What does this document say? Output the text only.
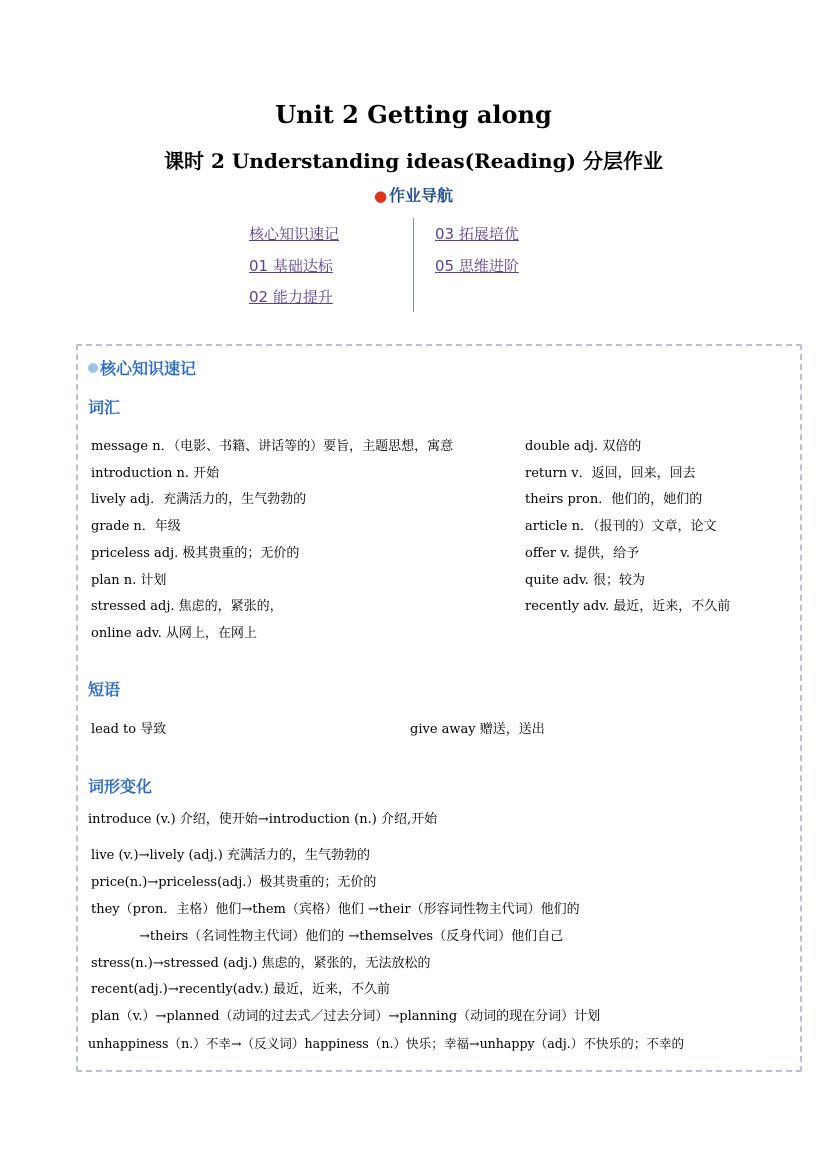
Unit 2 Getting along
课时 2 Understanding ideas(Reading) 分层作业
● 作业导航
核心知识速记
01 基础达标
02 能力提升
03 拓展培优
05 思维进阶
核心知识速记
词汇
message n．（电影、书籍、讲话等的）要旨，主题思想，寓意
introduction n. 开始
lively adj．充满活力的，生气勃勃的
grade n．年级
priceless adj. 极其贵重的；无价的
plan n. 计划
stressed adj. 焦虑的，紧张的，
online adv. 从网上，在网上
double adj. 双倍的
return v．返回，回来，回去
theirs pron．他们的，她们的
article n．（报刊的）文章，论文
offer v. 提供，给予
quite adv. 很；较为
recently adv. 最近，近来，不久前
短语
lead to 导致	give away 赠送，送出
词形变化
introduce (v.) 介绍，使开始→introduction (n.) 介绍,开始
live (v.)→lively (adj.) 充满活力的，生气勃勃的
price(n.)→priceless(adj.）极其贵重的；无价的
they（pron．主格）他们→them（宾格）他们 →their（形容词性物主代词）他们的
→theirs（名词性物主代词）他们的 →themselves（反身代词）他们自己
stress(n.)→stressed (adj.) 焦虑的，紧张的，无法放松的
recent(adj.)→recently(adv.) 最近，近来，不久前
plan（v.）→planned（动词的过去式／过去分词）→planning（动词的现在分词）计划
unhappiness（n.）不幸→（反义词）happiness（n.）快乐；幸福→unhappy（adj.）不快乐的；不幸的
